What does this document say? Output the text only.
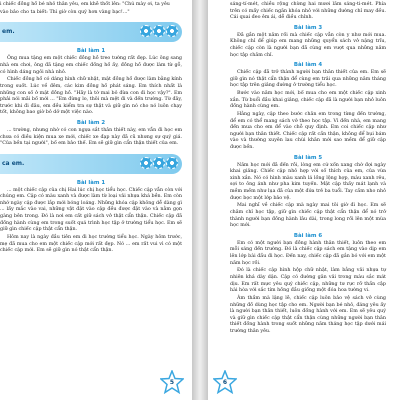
i chiếc đồng hồ bé nhỏ thân yêu, em khẽ thốt lên: "Chú mày ơi, ta yêu

vào bảo cho ta biết: Thì giờ còn quý hơn vàng bạc!..."

em.
Bài làm 1

Ông mua tặng em một chiếc đồng hồ treo tường rất đẹp. Lúc ông sang nhà em chơi, ông đã tặng em chiếc đồng hồ ấy, đồng hồ được làm từ gỗ, có hình dáng ngôi nhà nhỏ.

Chiếc đồng hồ có dáng hình chữ nhật, mặt đồng hồ được làm bằng kính trong suốt. Lúc về đêm, các kim đồng hồ phát sáng. Em thích nhất là những con số ở mặt đồng hồ. "Hãy là tờ mai bỏ đừa con đi học vậy?". Em phải nói mãi bố mới ... "Em đừng lo, thôi mà mệt đi và đến trường. Từ đây, trước khi đi đâu, em đều kiểm tra sự thật và giữ gìn nó cho nó luôn chạy tốt, không bao giờ bỏ dở một việc nào.

Bài làm 2

... trường, nhưng nhờ có con ngựa sắt thân thiết này, em vẫn đi học em chưa có điều kiện mua xe mới, chiếc xe đạp này đã cũ nhưng sự quý giá. "Của bền tại người", bố em bảo thế. Em sẽ giữ gìn cẩn thận thiết của em.

ca em.
Bài làm 1

... một chiếc cặp của chị Hai lúc chị học tiểu học. Chiếc cặp vẫn còn với chúng em. Cặp có màu xanh và được làm từ loại vải nhựa khá bền. Em còn nhớ ngày cặp được lắp mới bóng loáng. Những khóa cặp không dễ dàng gì ... lấy mắc vào vai, những vật đặt vào cặp đều được đặt vào và nằm gọn gàng bên trong. Đó là nơi em cất giữ sách vở thật cẩn thận. Chiếc cặp đã đồng hành cùng em trong suốt quá trình học tập ở trường tiểu học. Em sẽ giữ gìn chiếc cặp thật cẩn thận.

Hôm nay là ngày đầu tiên em đi học trường tiểu học. Ngày hôm trước, mẹ đã mua cho em một chiếc cặp mới rất đẹp. Nó ... em rất vui vì có một chiếc cặp mới. Em sẽ giữ gìn nó thật cẩn thận.

sáng-tí-mét, chiều rộng chừng hai mươi lăm sáng-ti-mét. Phía trên có mấy chiếc ngăn khóa nhỏ với những đường chỉ may đều. Cái quai đeo êm ái, dễ điều chỉnh.

Bài làm 3

Đã gần một năm rồi mà chiếc cặp vẫn còn y như mới mua. Không chỉ để giúp em mang những quyển sách vở nặng trĩu, chiếc cặp còn là người bạn đã cùng em vượt qua những năm học tập chăm chỉ.

Bài làm 4

Chiếc cặp đã trở thành người bạn thân thiết của em. Em sẽ giữ gìn nó thật cẩn thận để cùng em trải qua những năm tháng học tập trên giảng đường ở trường tiểu học.

Bước vào năm học mới, bố mua cho em một chiếc cặp xinh xắn. Từ buổi đầu khai giảng, chiếc cặp đã là người bạn nhỏ luôn đồng hành cùng em.

Hằng ngày, cặp theo bước chân em trong từng đến trường, để em có thể mang sách vở theo học tập. Vì đến nhà, em mang đến mua cho em để vào chỗ quy định. Em coi chiếc cặp như người bạn thân thiết. Chiếc cặp rất cần thận, không để bụi bám vào và thường xuyên lau chùi khăn mới sao mềm để giữ cặp được bền.

Bài làm 5

Năm học mới đã đến rồi, lòng em cứ xốn xang chờ đợi ngày khai giảng. Chiếc cặp nhỏ hợp với số thích của em, của vừa xinh xắn. Nó có hình màu xanh lá lồng lộng hợp, màu xanh rêu, sợi to ông ánh như pha kim tuyến. Mặt cặp thấy mát lạnh và mềm mềm như lụa đã của một đứa trẻ ba tuổi. Tay cầm nho nhỏ được bọc một lớp bảo vệ.

Mai nghĩ về chiếc cặp mà ngày mai tôi giờ đi học. Em sẽ chăm chỉ học tập, giữ gìn chiếc cặp thật cẩn thận để nó trở thành người bạn đồng hành lâu dài, trong long rồi lên một mùa học mới.

Bài làm 6

Em có một người bạn đồng hành thân thiết, luôn theo em mỗi sáng đến trường. Đó là chiếc cặp sách em tặng vào dịp em lên lớp bài đầu đi học. Đến nay, chiếc cặp đã gắn bó với em một năm học rồi.

Đó là chiếc cặp hình hộp chữ nhật, làm bằng vải nhựa tự nhiên khá dày dặn. Cặp có đường gân vải trong màu sắc mát dịu. Em rất mực yêu quý chiếc cặp, những tư rực rỡ thần cập hài hòa với sắc tím hồng đầu giống một đóa hoa tường vi.

Âm thầm mà lặng lẽ, chiếc cặp luôn bảo vệ sách vở cùng những đồ dùng học tập cho em. Người bạn bé nhỏ, đáng yêu ấy là người bạn thân thiết, luôn đồng hành với em. Em sẽ yêu quý và giữ gìn chiếc cặp thật cẩn thận cùng những người bạn thân thiết đồng hành trong suốt những năm tháng học tập dưới mái trường thân yêu.

5	6
